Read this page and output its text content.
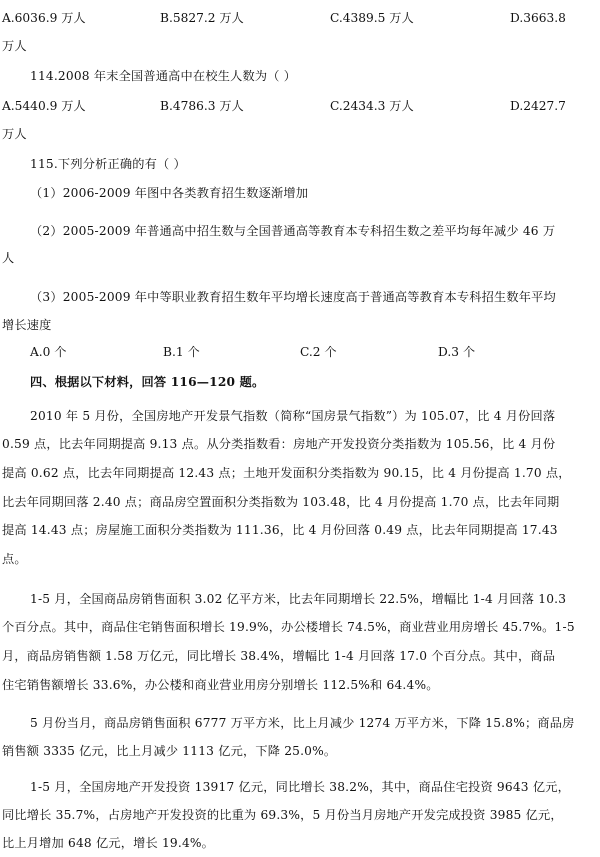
A.6036.9 万人	B.5827.2 万人	C.4389.5 万人	D.3663.8
万人
114.2008 年末全国普通高中在校生人数为（ ）
A.5440.9 万人	B.4786.3 万人	C.2434.3 万人	D.2427.7
万人
115.下列分析正确的有（ ）
（1）2006-2009 年图中各类教育招生数逐渐增加
（2）2005-2009 年普通高中招生数与全国普通高等教育本专科招生数之差平均每年减少 46 万
人
（3）2005-2009 年中等职业教育招生数年平均增长速度高于普通高等教育本专科招生数年平均
增长速度
A.0 个	B.1 个	C.2 个	D.3 个
四、根据以下材料，回答 116—120 题。
2010 年 5 月份，全国房地产开发景气指数（简称“国房景气指数”）为 105.07，比 4 月份回落
0.59 点，比去年同期提高 9.13 点。从分类指数看：房地产开发投资分类指数为 105.56，比 4 月份
提高 0.62 点，比去年同期提高 12.43 点；土地开发面积分类指数为 90.15，比 4 月份提高 1.70 点，
比去年同期回落 2.40 点；商品房空置面积分类指数为 103.48，比 4 月份提高 1.70 点，比去年同期
提高 14.43 点；房屋施工面积分类指数为 111.36，比 4 月份回落 0.49 点，比去年同期提高 17.43
点。
1-5 月，全国商品房销售面积 3.02 亿平方米，比去年同期增长 22.5%，增幅比 1-4 月回落 10.3
个百分点。其中，商品住宅销售面积增长 19.9%，办公楼增长 74.5%，商业营业用房增长 45.7%。1-5
月，商品房销售额 1.58 万亿元，同比增长 38.4%，增幅比 1-4 月回落 17.0 个百分点。其中，商品
住宅销售额增长 33.6%，办公楼和商业营业用房分别增长 112.5%和 64.4%。
5 月份当月，商品房销售面积 6777 万平方米，比上月减少 1274 万平方米，下降 15.8%；商品房
销售额 3335 亿元，比上月减少 1113 亿元，下降 25.0%。
1-5 月，全国房地产开发投资 13917 亿元，同比增长 38.2%，其中，商品住宅投资 9643 亿元，
同比增长 35.7%，占房地产开发投资的比重为 69.3%，5 月份当月房地产开发完成投资 3985 亿元，
比上月增加 648 亿元，增长 19.4%。
